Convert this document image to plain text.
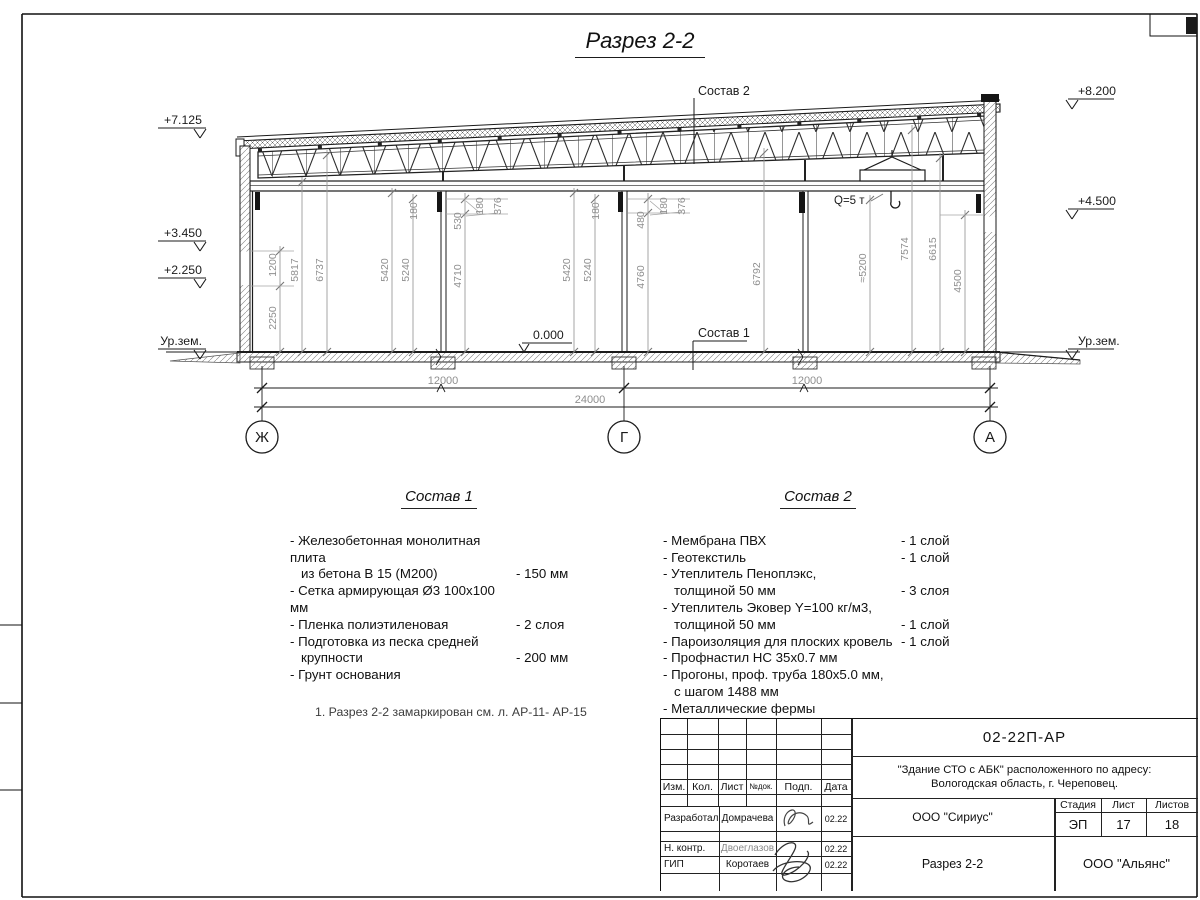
1200
2250
5817 6737	5420 5240
180
530
4710
180 376
5420 5240
180
480
4760
180 376
6792	≈5200
7574 6615
4500
+7.125
+3.450
+2.250
Ур.зем.
+8.200
+4.500
Ур.зем.
0.000
Состав 2
Состав 1
Q=5 т
12000	12000
24000
Ж	Г	А
Разрез 2-2
Состав 1
- Железобетонная монолитная плита
из бетона В 15 (М200)	- 150 мм
- Сетка армирующая Ø3 100х100 мм
- Пленка полиэтиленовая	- 2 слоя
- Подготовка из песка средней
крупности	- 200 мм
- Грунт основания
Состав 2
- Мембрана ПВХ	- 1 слой
- Геотекстиль	- 1 слой
- Утеплитель Пеноплэкс,
толщиной 50 мм	- 3 слоя
- Утеплитель Эковер Y=100 кг/м3,
толщиной 50 мм	- 1 слой
- Пароизоляция для плоских кровель - 1 слой
- Профнастил НС 35х0.7 мм
- Прогоны, проф. труба 180х5.0 мм,
с шагом 1488 мм
- Металлические фермы
1. Разрез 2-2 замаркирован см. л. АР-11- АР-15
Изм. Кол. Лист №док.	Подп.	Дата
Разработал Домрачева	02.22
Н. контр.	Двоеглазов	02.22
ГИП	Коротаев	02.22
02-22П-АР
"Здание СТО с АБК" расположенного по адресу:
Вологодская область, г. Череповец.
ООО "Сириус"
Стадия	Лист	Листов
ЭП	17	18
Разрез 2-2	ООО "Альянс"
